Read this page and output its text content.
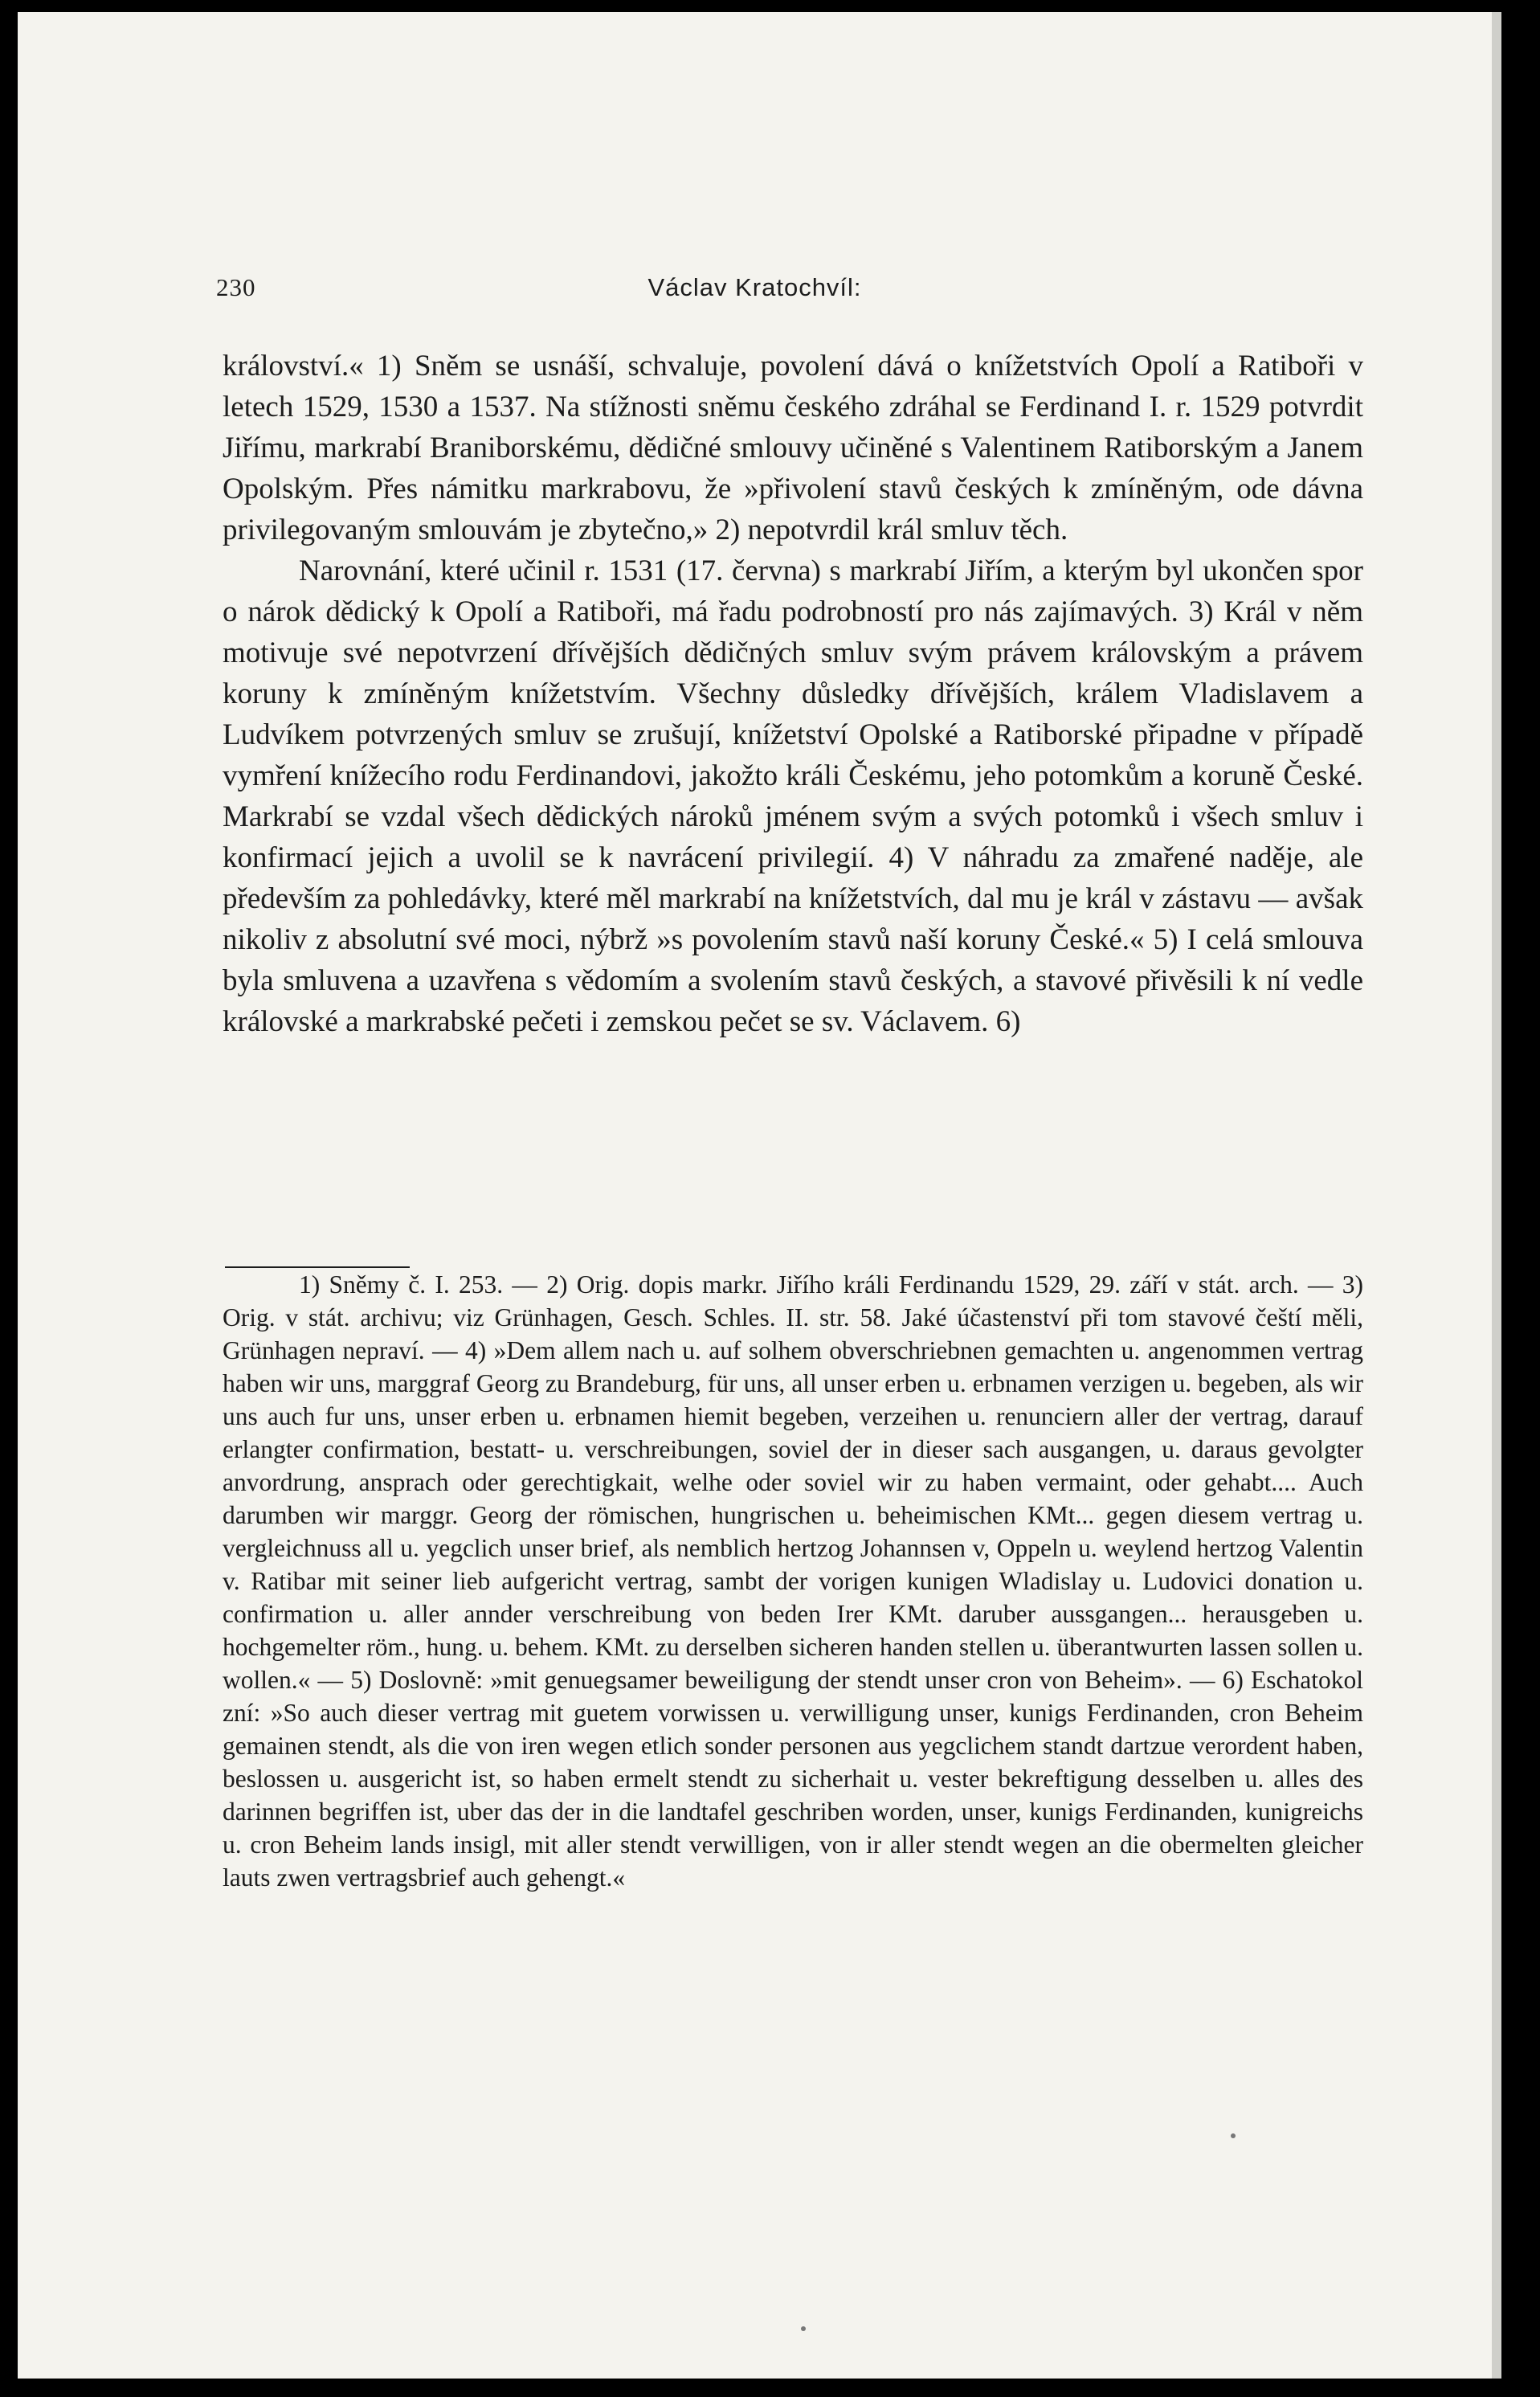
230	Václav Kratochvíl:

království.« 1) Sněm se usnáší, schvaluje, povolení dává o knížetstvích Opolí a Ratiboři v letech 1529, 1530 a 1537. Na stížnosti sněmu českého zdráhal se Ferdinand I. r. 1529 potvrdit Jiřímu, markrabí Braniborskému, dědičné smlouvy učiněné s Valentinem Ratiborským a Janem Opolským. Přes námitku markrabovu, že »přivolení stavů českých k zmíněným, ode dávna privilegovaným smlouvám je zbytečno,» 2) nepotvrdil král smluv těch.

Narovnání, které učinil r. 1531 (17. června) s markrabí Jiřím, a kterým byl ukončen spor o nárok dědický k Opolí a Ratiboři, má řadu podrobností pro nás zajímavých. 3) Král v něm motivuje své nepotvrzení dřívějších dědičných smluv svým právem královským a právem koruny k zmíněným knížetstvím. Všechny důsledky dřívějších, králem Vladislavem a Ludvíkem potvrzených smluv se zrušují, knížetství Opolské a Ratiborské připadne v případě vymření knížecího rodu Ferdinandovi, jakožto králi Českému, jeho potomkům a koruně České. Markrabí se vzdal všech dědických nároků jménem svým a svých potomků i všech smluv i konfirmací jejich a uvolil se k navrácení privilegií. 4) V náhradu za zmařené naděje, ale především za pohledávky, které měl markrabí na knížetstvích, dal mu je král v zástavu — avšak nikoliv z absolutní své moci, nýbrž »s povolením stavů naší koruny České.« 5) I celá smlouva byla smluvena a uzavřena s vědomím a svolením stavů českých, a stavové přivěsili k ní vedle královské a markrabské pečeti i zemskou pečet se sv. Václavem. 6)

1) Sněmy č. I. 253. — 2) Orig. dopis markr. Jiřího králi Ferdinandu 1529, 29. září v stát. arch. — 3) Orig. v stát. archivu; viz Grünhagen, Gesch. Schles. II. str. 58. Jaké účastenství při tom stavové čeští měli, Grünhagen nepraví. — 4) »Dem allem nach u. auf solhem obverschriebnen gemachten u. angenommen vertrag haben wir uns, marggraf Georg zu Brandeburg, für uns, all unser erben u. erbnamen verzigen u. begeben, als wir uns auch fur uns, unser erben u. erbnamen hiemit begeben, verzeihen u. renunciern aller der vertrag, darauf erlangter confirmation, bestatt- u. verschreibungen, soviel der in dieser sach ausgangen, u. daraus gevolgter anvordrung, ansprach oder gerechtigkait, welhe oder soviel wir zu haben vermaint, oder gehabt.... Auch darumben wir marggr. Georg der römischen, hungrischen u. beheimischen KMt... gegen diesem vertrag u. vergleichnuss all u. yegclich unser brief, als nemblich hertzog Johannsen v, Oppeln u. weylend hertzog Valentin v. Ratibar mit seiner lieb aufgericht vertrag, sambt der vorigen kunigen Wladislay u. Ludovici donation u. confirmation u. aller annder verschreibung von beden Irer KMt. daruber aussgangen... herausgeben u. hochgemelter röm., hung. u. behem. KMt. zu derselben sicheren handen stellen u. überantwurten lassen sollen u. wollen.« — 5) Doslovně: »mit genuegsamer beweiligung der stendt unser cron von Beheim». — 6) Eschatokol zní: »So auch dieser vertrag mit guetem vorwissen u. verwilligung unser, kunigs Ferdinanden, cron Beheim gemainen stendt, als die von iren wegen etlich sonder personen aus yegclichem standt dartzue verordent haben, beslossen u. ausgericht ist, so haben ermelt stendt zu sicherhait u. vester bekreftigung desselben u. alles des darinnen begriffen ist, uber das der in die landtafel geschriben worden, unser, kunigs Ferdinanden, kunigreichs u. cron Beheim lands insigl, mit aller stendt verwilligen, von ir aller stendt wegen an die obermelten gleicher lauts zwen vertragsbrief auch gehengt.«
